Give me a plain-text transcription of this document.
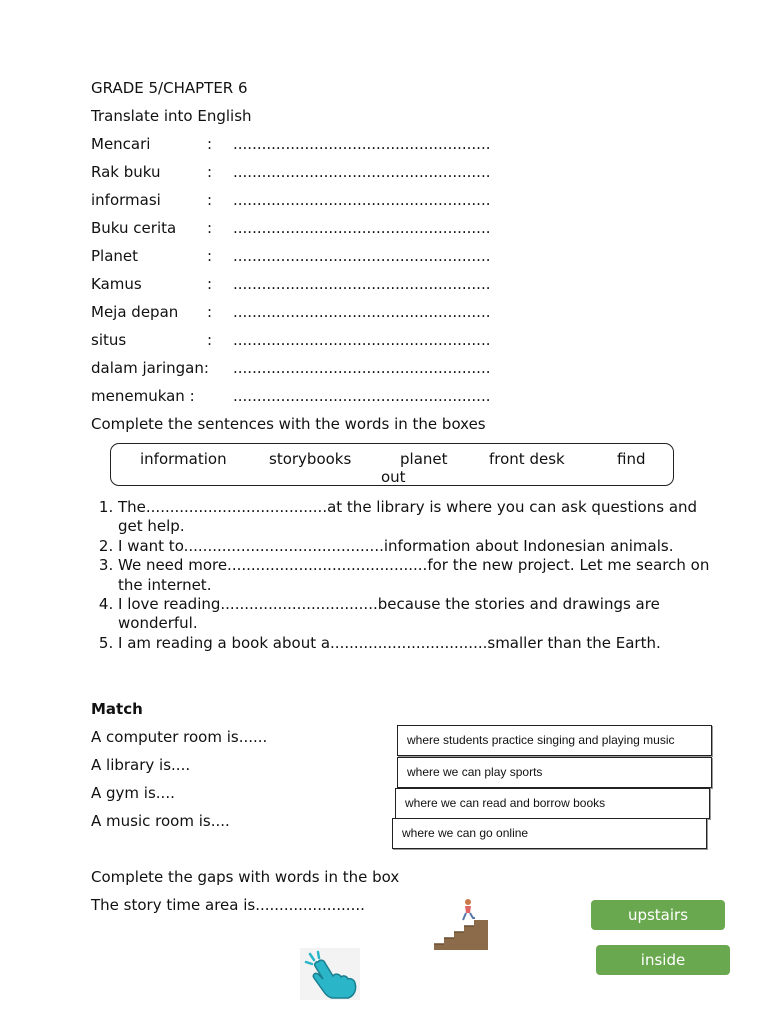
GRADE 5/CHAPTER 6
Translate into English
Mencari	: ......................................................
Rak buku	: ......................................................
informasi	: ......................................................
Buku cerita : ......................................................
Planet	: ......................................................
Kamus	: ......................................................
Meja depan : ......................................................
situs	: ......................................................
dalam jaringan: ......................................................
menemukan :	......................................................
Complete the sentences with the words in the boxes
information	storybooks	planet	front desk	find
out
1. The......................................at the library is where you can ask questions and get help.
2. I want to..........................................information about Indonesian animals.
3. We need more..........................................for the new project. Let me search on the internet.
4. I love reading.................................because the stories and drawings are wonderful.
5. I am reading a book about a.................................smaller than the Earth.
Match
A computer room is......
A library is....
A gym is....
A music room is....
where students practice singing and playing music
where we can play sports
where we can read and borrow books
where we can go online
Complete the gaps with words in the box
The story time area is.......................
upstairs
inside
